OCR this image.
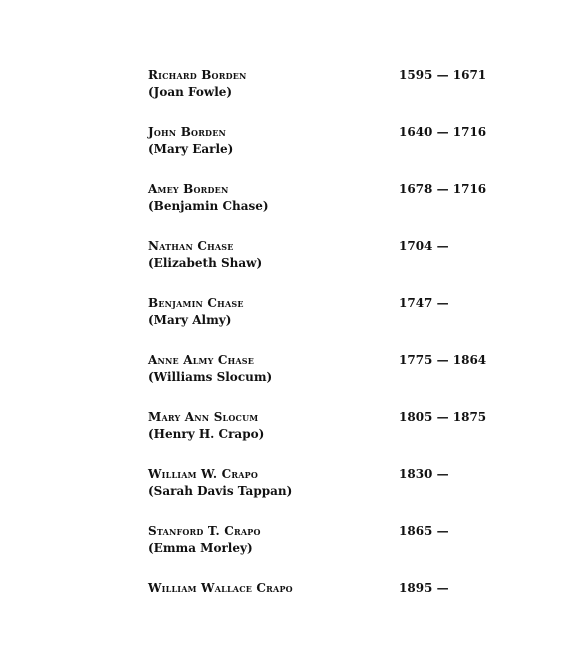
Richard Borden
(Joan Fowle)
1595 — 1671
John Borden
(Mary Earle)
1640 — 1716
Amey Borden
(Benjamin Chase)
1678 — 1716
Nathan Chase
(Elizabeth Shaw)
1704 —
Benjamin Chase
(Mary Almy)
1747 —
Anne Almy Chase
(Williams Slocum)
1775 — 1864
Mary Ann Slocum
(Henry H. Crapo)
1805 — 1875
William W. Crapo
(Sarah Davis Tappan)
1830 —
Stanford T. Crapo
(Emma Morley)
1865 —
William Wallace Crapo	1895 —
